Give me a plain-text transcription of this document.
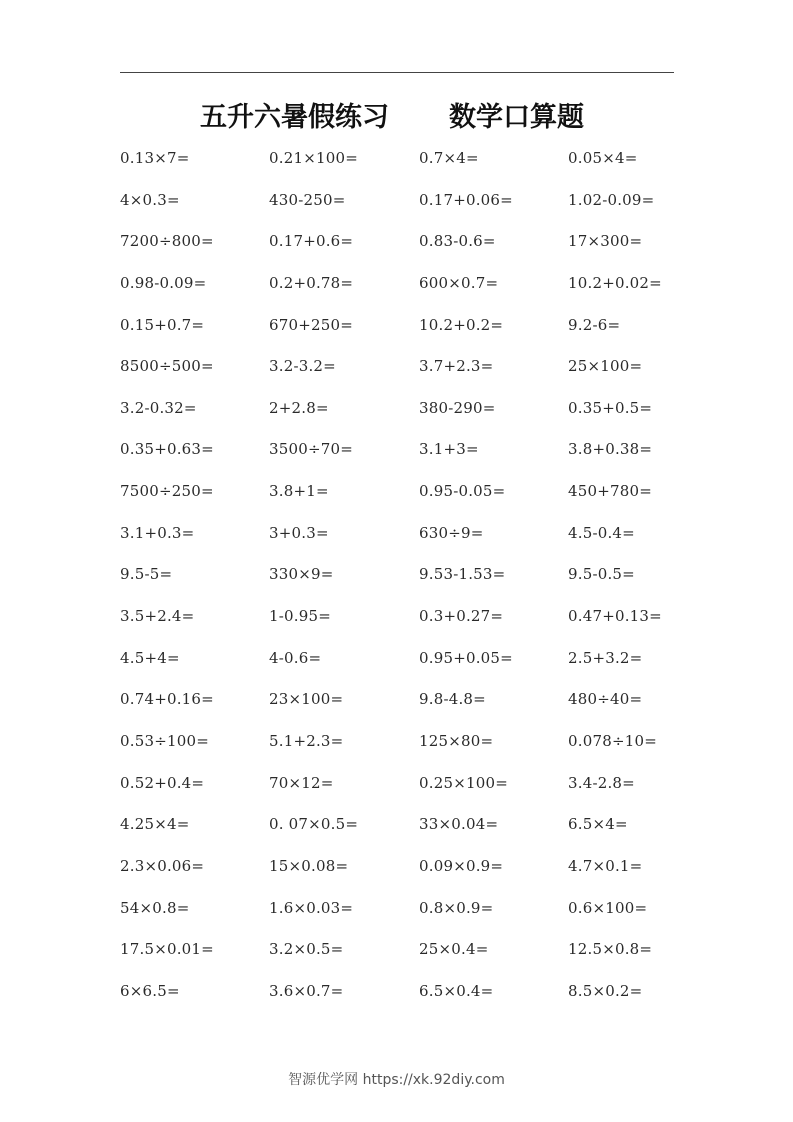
五升六暑假练习 数学口算题
0.13×7=	0.21×100=	0.7×4=	0.05×4=
4×0.3=	430-250=	0.17+0.06=	1.02-0.09=
7200÷800=	0.17+0.6=	0.83-0.6=	17×300=
0.98-0.09=	0.2+0.78=	600×0.7=	10.2+0.02=
0.15+0.7=	670+250=	10.2+0.2=	9.2-6=
8500÷500=	3.2-3.2=	3.7+2.3=	25×100=
3.2-0.32=	2+2.8=	380-290=	0.35+0.5=
0.35+0.63=	3500÷70=	3.1+3=	3.8+0.38=
7500÷250=	3.8+1=	0.95-0.05=	450+780=
3.1+0.3=	3+0.3=	630÷9=	4.5-0.4=
9.5-5=	330×9=	9.53-1.53=	9.5-0.5=
3.5+2.4=	1-0.95=	0.3+0.27=	0.47+0.13=
4.5+4=	4-0.6=	0.95+0.05=	2.5+3.2=
0.74+0.16=	23×100=	9.8-4.8=	480÷40=
0.53÷100=	5.1+2.3=	125×80=	0.078÷10=
0.52+0.4=	70×12=	0.25×100=	3.4-2.8=
4.25×4=	0. 07×0.5=	33×0.04=	6.5×4=
2.3×0.06=	15×0.08=	0.09×0.9=	4.7×0.1=
54×0.8=	1.6×0.03=	0.8×0.9=	0.6×100=
17.5×0.01=	3.2×0.5=	25×0.4=	12.5×0.8=
6×6.5=	3.6×0.7=	6.5×0.4=	8.5×0.2=
智源优学网 https://xk.92diy.com
